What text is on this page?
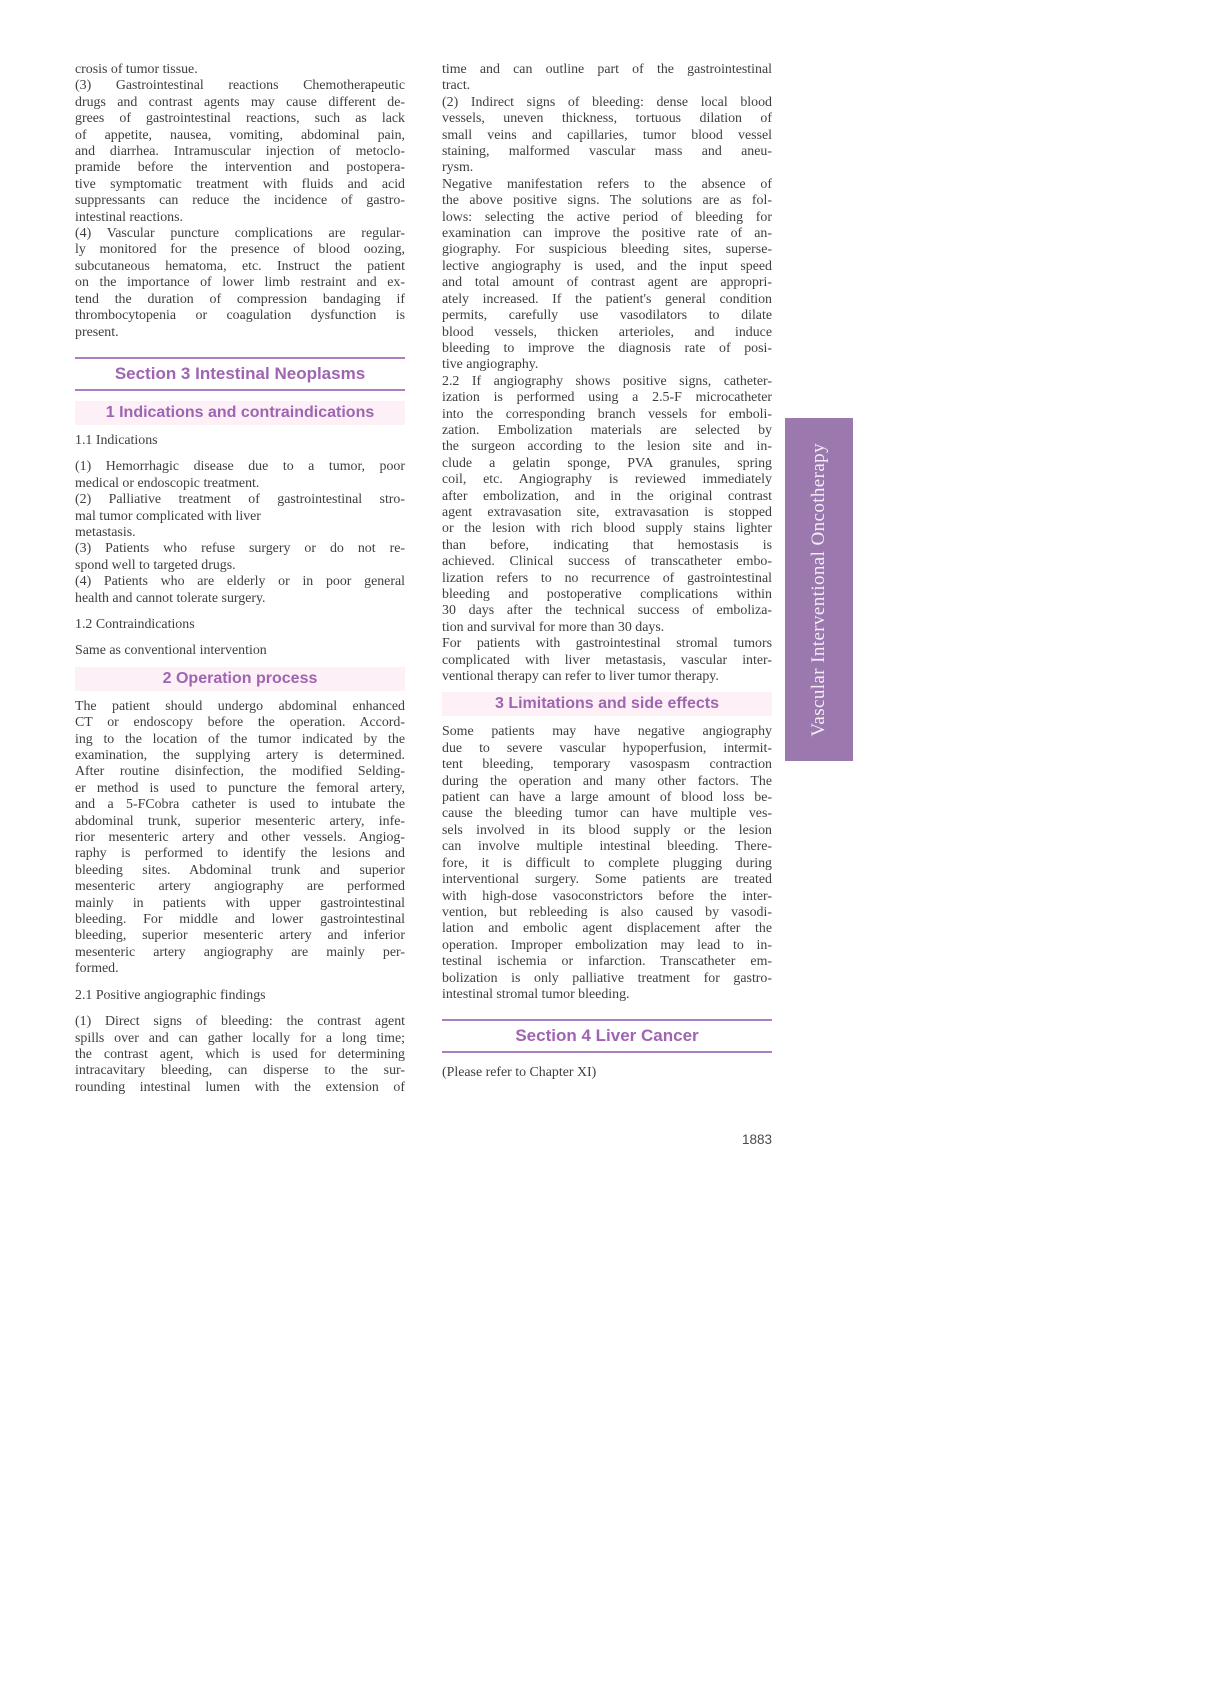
crosis of tumor tissue.
(3) Gastrointestinal reactions Chemotherapeutic
drugs and contrast agents may cause different de-
grees of gastrointestinal reactions, such as lack
of appetite, nausea, vomiting, abdominal pain,
and diarrhea. Intramuscular injection of metoclo-
pramide before the intervention and postopera-
tive symptomatic treatment with fluids and acid
suppressants can reduce the incidence of gastro-
intestinal reactions.
(4) Vascular puncture complications are regular-
ly monitored for the presence of blood oozing,
subcutaneous hematoma, etc. Instruct the patient
on the importance of lower limb restraint and ex-
tend the duration of compression bandaging if
thrombocytopenia or coagulation dysfunction is
present.
Section 3 Intestinal Neoplasms
1 Indications and contraindications
1.1 Indications
(1) Hemorrhagic disease due to a tumor, poor
medical or endoscopic treatment.
(2) Palliative treatment of gastrointestinal stro-
mal tumor complicated with liver
metastasis.
(3) Patients who refuse surgery or do not re-
spond well to targeted drugs.
(4) Patients who are elderly or in poor general
health and cannot tolerate surgery.
1.2 Contraindications
Same as conventional intervention
2 Operation process
The patient should undergo abdominal enhanced
CT or endoscopy before the operation. Accord-
ing to the location of the tumor indicated by the
examination, the supplying artery is determined.
After routine disinfection, the modified Selding-
er method is used to puncture the femoral artery,
and a 5-FCobra catheter is used to intubate the
abdominal trunk, superior mesenteric artery, infe-
rior mesenteric artery and other vessels. Angiog-
raphy is performed to identify the lesions and
bleeding sites. Abdominal trunk and superior
mesenteric artery angiography are performed
mainly in patients with upper gastrointestinal
bleeding. For middle and lower gastrointestinal
bleeding, superior mesenteric artery and inferior
mesenteric artery angiography are mainly per-
formed.
2.1 Positive angiographic findings
(1) Direct signs of bleeding: the contrast agent
spills over and can gather locally for a long time;
the contrast agent, which is used for determining
intracavitary bleeding, can disperse to the sur-
rounding intestinal lumen with the extension of
time and can outline part of the gastrointestinal
tract.
(2) Indirect signs of bleeding: dense local blood
vessels, uneven thickness, tortuous dilation of
small veins and capillaries, tumor blood vessel
staining, malformed vascular mass and aneu-
rysm.
Negative manifestation refers to the absence of
the above positive signs. The solutions are as fol-
lows: selecting the active period of bleeding for
examination can improve the positive rate of an-
giography. For suspicious bleeding sites, superse-
lective angiography is used, and the input speed
and total amount of contrast agent are appropri-
ately increased. If the patient's general condition
permits, carefully use vasodilators to dilate
blood vessels, thicken arterioles, and induce
bleeding to improve the diagnosis rate of posi-
tive angiography.
2.2 If angiography shows positive signs, catheter-
ization is performed using a 2.5-F microcatheter
into the corresponding branch vessels for emboli-
zation. Embolization materials are selected by
the surgeon according to the lesion site and in-
clude a gelatin sponge, PVA granules, spring
coil, etc. Angiography is reviewed immediately
after embolization, and in the original contrast
agent extravasation site, extravasation is stopped
or the lesion with rich blood supply stains lighter
than before, indicating that hemostasis is
achieved. Clinical success of transcatheter embo-
lization refers to no recurrence of gastrointestinal
bleeding and postoperative complications within
30 days after the technical success of emboliza-
tion and survival for more than 30 days.
For patients with gastrointestinal stromal tumors
complicated with liver metastasis, vascular inter-
ventional therapy can refer to liver tumor therapy.
3 Limitations and side effects
Some patients may have negative angiography
due to severe vascular hypoperfusion, intermit-
tent bleeding, temporary vasospasm contraction
during the operation and many other factors. The
patient can have a large amount of blood loss be-
cause the bleeding tumor can have multiple ves-
sels involved in its blood supply or the lesion
can involve multiple intestinal bleeding. There-
fore, it is difficult to complete plugging during
interventional surgery. Some patients are treated
with high-dose vasoconstrictors before the inter-
vention, but rebleeding is also caused by vasodi-
lation and embolic agent displacement after the
operation. Improper embolization may lead to in-
testinal ischemia or infarction. Transcatheter em-
bolization is only palliative treatment for gastro-
intestinal stromal tumor bleeding.
Section 4 Liver Cancer
(Please refer to Chapter XI)
Vascular Interventional Oncotherapy
1883
